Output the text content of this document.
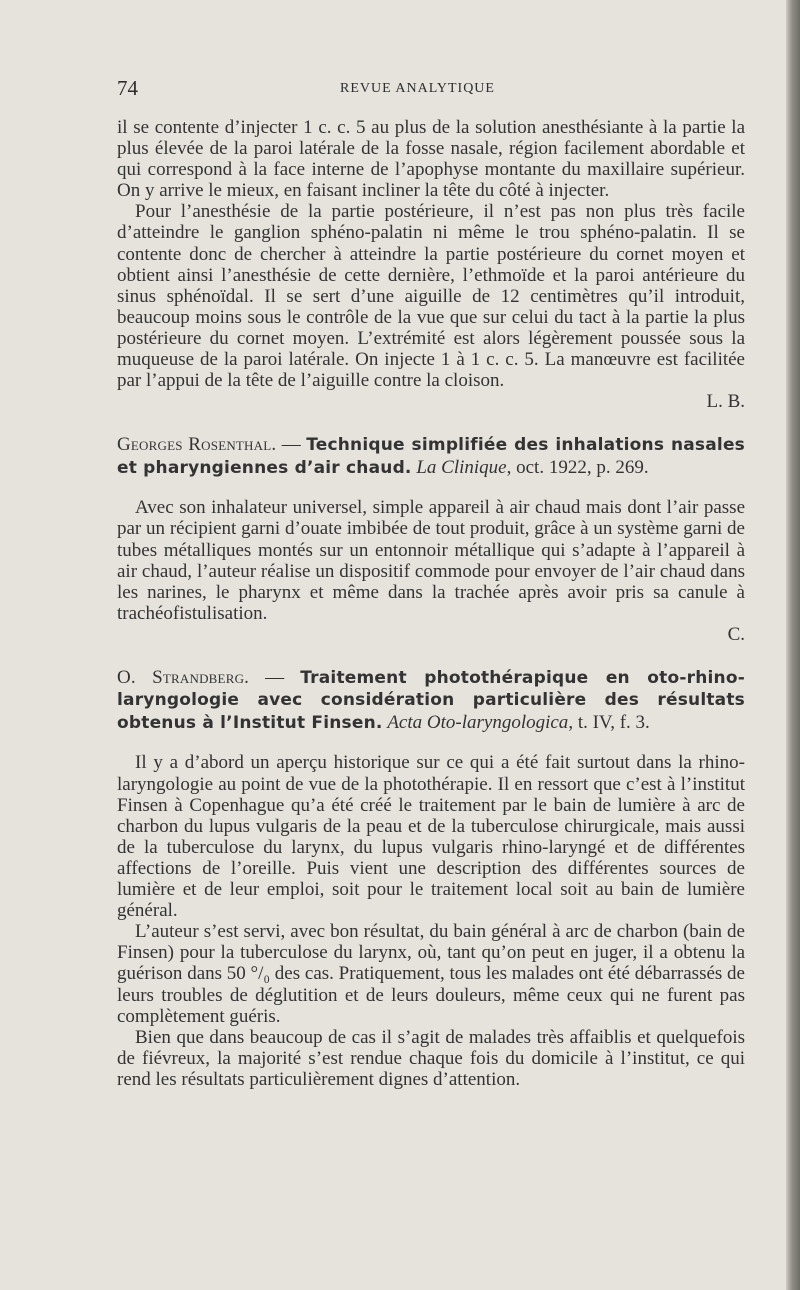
74	REVUE ANALYTIQUE

il se contente d’injecter 1 c. c. 5 au plus de la solution anesthésiante à la partie la plus élevée de la paroi latérale de la fosse nasale, région facilement abordable et qui correspond à la face interne de l’apophyse montante du maxillaire supérieur. On y arrive le mieux, en faisant incliner la tête du côté à injecter.

Pour l’anesthésie de la partie postérieure, il n’est pas non plus très facile d’atteindre le ganglion sphéno-palatin ni même le trou sphéno-palatin. Il se contente donc de chercher à atteindre la partie postérieure du cornet moyen et obtient ainsi l’anesthésie de cette dernière, l’ethmoïde et la paroi antérieure du sinus sphénoïdal. Il se sert d’une aiguille de 12 centimètres qu’il introduit, beaucoup moins sous le contrôle de la vue que sur celui du tact à la partie la plus postérieure du cornet moyen. L’extrémité est alors légèrement poussée sous la muqueuse de la paroi latérale. On injecte 1 à 1 c. c. 5. La manœuvre est facilitée par l’appui de la tête de l’aiguille contre la cloison.

L. B.

Georges Rosenthal. — Technique simplifiée des inhalations nasales et pharyngiennes d’air chaud. La Clinique, oct. 1922, p. 269.

Avec son inhalateur universel, simple appareil à air chaud mais dont l’air passe par un récipient garni d’ouate imbibée de tout produit, grâce à un système garni de tubes métalliques montés sur un entonnoir métallique qui s’adapte à l’appareil à air chaud, l’auteur réalise un dispositif commode pour envoyer de l’air chaud dans les narines, le pharynx et même dans la trachée après avoir pris sa canule à trachéofistulisation.

C.

O. Strandberg. — Traitement photothérapique en oto-rhino-laryngologie avec considération particulière des résultats obtenus à l’Institut Finsen. Acta Oto-laryngologica, t. IV, f. 3.

Il y a d’abord un aperçu historique sur ce qui a été fait surtout dans la rhino-laryngologie au point de vue de la photothérapie. Il en ressort que c’est à l’institut Finsen à Copenhague qu’a été créé le traitement par le bain de lumière à arc de charbon du lupus vulgaris de la peau et de la tuberculose chirurgicale, mais aussi de la tuberculose du larynx, du lupus vulgaris rhino-laryngé et de différentes affections de l’oreille. Puis vient une description des différentes sources de lumière et de leur emploi, soit pour le traitement local soit au bain de lumière général.

L’auteur s’est servi, avec bon résultat, du bain général à arc de charbon (bain de Finsen) pour la tuberculose du larynx, où, tant qu’on peut en juger, il a obtenu la guérison dans 50 °/₀ des cas. Pratiquement, tous les malades ont été débarrassés de leurs troubles de déglutition et de leurs douleurs, même ceux qui ne furent pas complètement guéris.

Bien que dans beaucoup de cas il s’agit de malades très affaiblis et quelquefois de fiévreux, la majorité s’est rendue chaque fois du domicile à l’institut, ce qui rend les résultats particulièrement dignes d’attention.
